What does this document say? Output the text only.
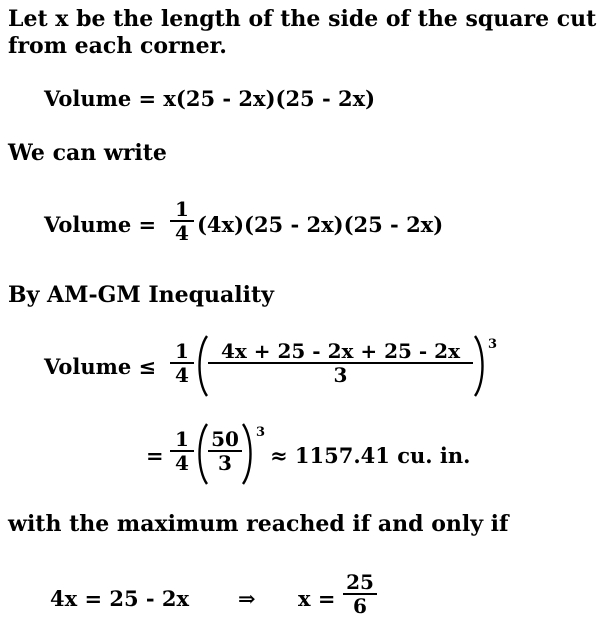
Let x be the length of the side of the square cut
from each corner.
Volume = x(25 - 2x)(25 - 2x)
We can write
Volume =
1
4 (4x)(25 - 2x)(25 - 2x)
By AM-GM Inequality
Volume ≤
1
4
4x + 25 - 2x + 25 - 2x
3
3
=
1
4
50
3
3
≈ 1157.41 cu. in.
with the maximum reached if and only if
4x = 25 - 2x ⇒ x =
25
6
